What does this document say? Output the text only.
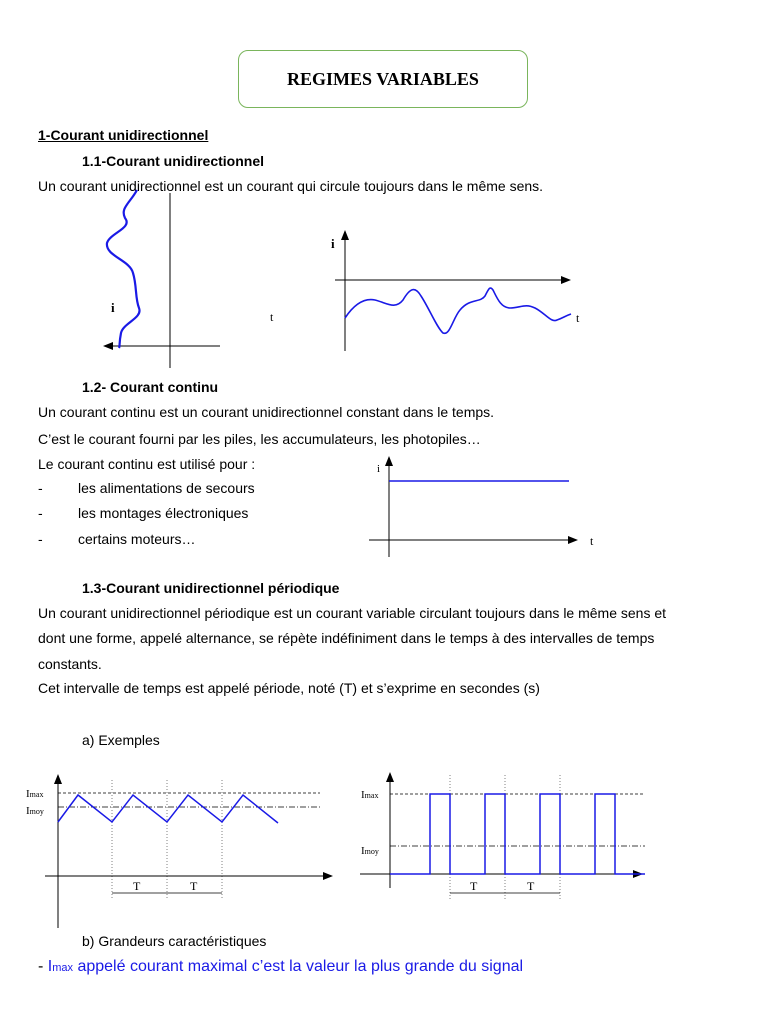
REGIMES VARIABLES
1-Courant unidirectionnel
1.1-Courant unidirectionnel
Un courant unidirectionnel est un courant qui circule toujours dans le même sens.
i
t
i
t
1.2- Courant continu
Un courant continu est un courant unidirectionnel constant dans le temps.
C’est le courant fourni par les piles, les accumulateurs, les photopiles…
Le courant continu est utilisé pour :
-	les alimentations de secours
-	les montages électroniques
-	certains moteurs…
i
t
1.3-Courant unidirectionnel périodique
Un courant unidirectionnel périodique est un courant variable circulant toujours dans le même sens et
dont une forme, appelé alternance, se répète indéfiniment dans le temps à des intervalles de temps
constants.
Cet intervalle de temps est appelé période, noté (T) et s’exprime en secondes (s)
a) Exemples
T	T
Imax
Imoy
T	T
Imax
Imoy
b) Grandeurs caractéristiques
- Imax appelé courant maximal c’est la valeur la plus grande du signal
